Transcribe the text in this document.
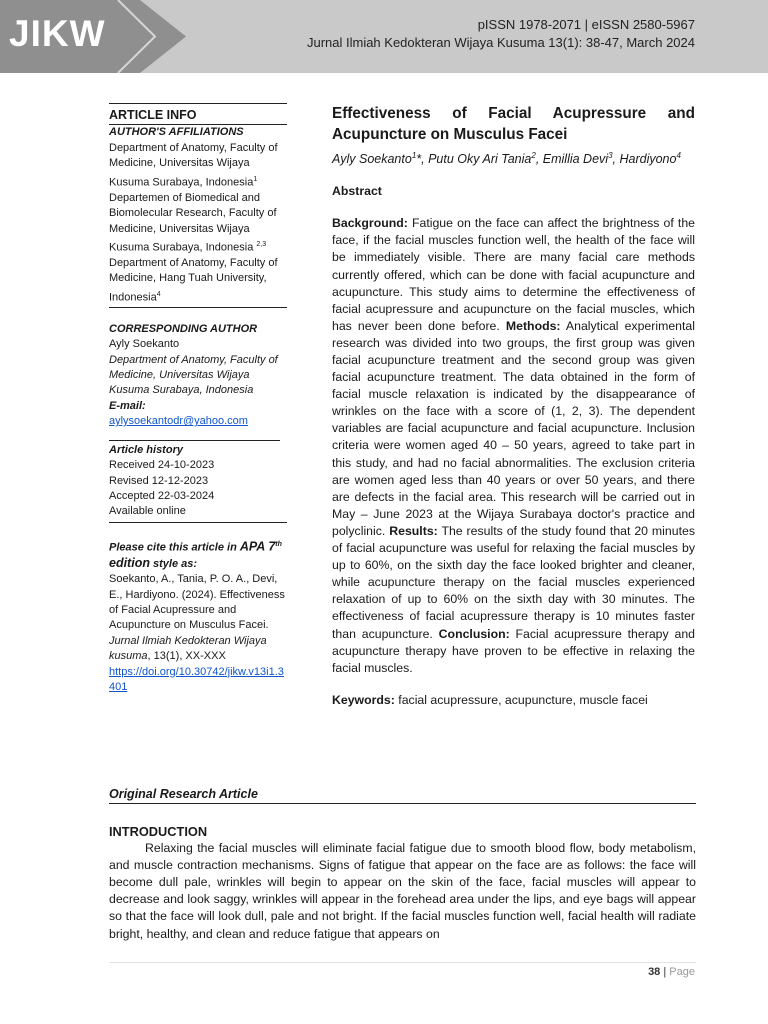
JIKW	pISSN 1978-2071 | eISSN 2580-5967
Jurnal Ilmiah Kedokteran Wijaya Kusuma 13(1): 38-47, March 2024
ARTICLE INFO
AUTHOR'S AFFILIATIONS
Department of Anatomy, Faculty of Medicine, Universitas Wijaya Kusuma Surabaya, Indonesia$^1$
Departemen of Biomedical and Biomolecular Research, Faculty of Medicine, Universitas Wijaya Kusuma Surabaya, Indonesia $^{2,3}$
Department of Anatomy, Faculty of Medicine, Hang Tuah University, Indonesia$^4$
CORRESPONDING AUTHOR
Ayly Soekanto
Department of Anatomy, Faculty of Medicine, Universitas Wijaya Kusuma Surabaya, Indonesia
E-mail:
aylysoekantodr@yahoo.com
Article history
Received 24-10-2023
Revised 12-12-2023
Accepted 22-03-2024
Available online
Please cite this article in APA 7th edition style as:
Soekanto, A., Tania, P. O. A., Devi, E., Hardiyono. (2024). Effectiveness of Facial Acupressure and Acupuncture on Musculus Facei. Jurnal Ilmiah Kedokteran Wijaya kusuma, 13(1), XX-XXX
https://doi.org/10.30742/jikw.v13i1.3401
Effectiveness of Facial Acupressure and Acupuncture on Musculus Facei
Ayly Soekanto$^1$*, Putu Oky Ari Tania$^2$, Emillia Devi$^3$, Hardiyono$^4$
Abstract
Background: Fatigue on the face can affect the brightness of the face, if the facial muscles function well, the health of the face will be immediately visible. There are many facial care methods currently offered, which can be done with facial acupuncture and acupuncture. This study aims to determine the effectiveness of facial acupressure and acupuncture on the facial muscles, which has never been done before. Methods: Analytical experimental research was divided into two groups, the first group was given facial acupuncture treatment and the second group was given facial acupuncture treatment. The data obtained in the form of facial muscle relaxation is indicated by the disappearance of wrinkles on the face with a score of (1, 2, 3). The dependent variables are facial acupuncture and facial acupuncture. Inclusion criteria were women aged 40 – 50 years, agreed to take part in this study, and had no facial abnormalities. The exclusion criteria are women aged less than 40 years or over 50 years, and there are defects in the facial area. This research will be carried out in May – June 2023 at the Wijaya Surabaya doctor's practice and polyclinic. Results: The results of the study found that 20 minutes of facial acupuncture was useful for relaxing the facial muscles by up to 60%, on the sixth day the face looked brighter and cleaner, while acupuncture therapy on the facial muscles experienced relaxation of up to 60% on the sixth day with 30 minutes. The effectiveness of facial acupressure therapy is 10 minutes faster than acupuncture. Conclusion: Facial acupressure therapy and acupuncture therapy have proven to be effective in relaxing the facial muscles.
Keywords: facial acupressure, acupuncture, muscle facei
Original Research Article
INTRODUCTION
Relaxing the facial muscles will eliminate facial fatigue due to smooth blood flow, body metabolism, and muscle contraction mechanisms. Signs of fatigue that appear on the face are as follows: the face will become dull pale, wrinkles will begin to appear on the skin of the face, facial muscles will appear to decrease and look saggy, wrinkles will appear in the forehead area under the lips, and eye bags will appear so that the face will look dull, pale and not bright. If the facial muscles function well, facial health will radiate bright, healthy, and clean and reduce fatigue that appears on
38 | Page
